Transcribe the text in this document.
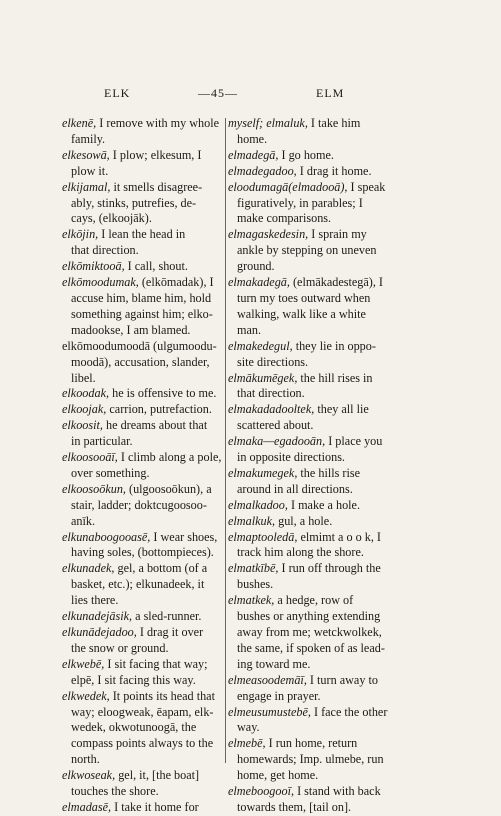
ELK	—45—	ELM
elkenē, I remove with my whole
family.
elkesowā, I plow; elkesum, I
plow it.
elkijamal, it smells disagree-
ably, stinks, putrefies, de-
cays, (elkoojāk).
elkōjin, I lean the head in
that direction.
elkōmiktooā, I call, shout.
elkōmoodumak, (elkōmadak), I
accuse him, blame him, hold
something against him; elko-
madookse, I am blamed.
elkōmoodumoodā (ulgumoodu-
moodā), accusation, slander,
libel.
elkoodak, he is offensive to me.
elkoojak, carrion, putrefaction.
elkoosit, he dreams about that
in particular.
elkoosooāī, I climb along a pole,
over something.
elkoosoōkun, (ulgoosoōkun), a
stair, ladder; doktcugoosoo-
anīk.
elkunaboogooasē, I wear shoes,
having soles, (bottompieces).
elkunadek, gel, a bottom (of a
basket, etc.); elkunadeek, it
lies there.
elkunadejāsik, a sled-runner.
elkunādejadoo, I drag it over
the snow or ground.
elkwebē, I sit facing that way;
elpē, I sit facing this way.
elkwedek, It points its head that
way; eloogweak, ēapam, elk-
wedek, okwotunoogā, the
compass points always to the
north.
elkwoseak, gel, it, [the boat]
touches the shore.
elmadasē, I take it home for
myself; elmaluk, I take him
home.
elmadegā, I go home.
elmadegadoo, I drag it home.
eloodumagā(elmadooā), I speak
figuratively, in parables; I
make comparisons.
elmagaskedesin, I sprain my
ankle by stepping on uneven
ground.
elmakadegā, (elmākadestegā), I
turn my toes outward when
walking, walk like a white
man.
elmakedegul, they lie in oppo-
site directions.
elmākumēgek, the hill rises in
that direction.
elmakadadooltek, they all lie
scattered about.
elmaka—egadooān, I place you
in opposite directions.
elmakumegek, the hills rise
around in all directions.
elmalkadoo, I make a hole.
elmalkuk, gul, a hole.
elmaptooledā, elmimt a o o k, I
track him along the shore.
elmatkībē, I run off through the
bushes.
elmatkek, a hedge, row of
bushes or anything extending
away from me; wetckwolkek,
the same, if spoken of as lead-
ing toward me.
elmeasoodemāī, I turn away to
engage in prayer.
elmeusumustebē, I face the other
way.
elmebē, I run home, return
homewards; Imp. ulmebe, run
home, get home.
elmeboogooī, I stand with back
towards them, [tail on].
